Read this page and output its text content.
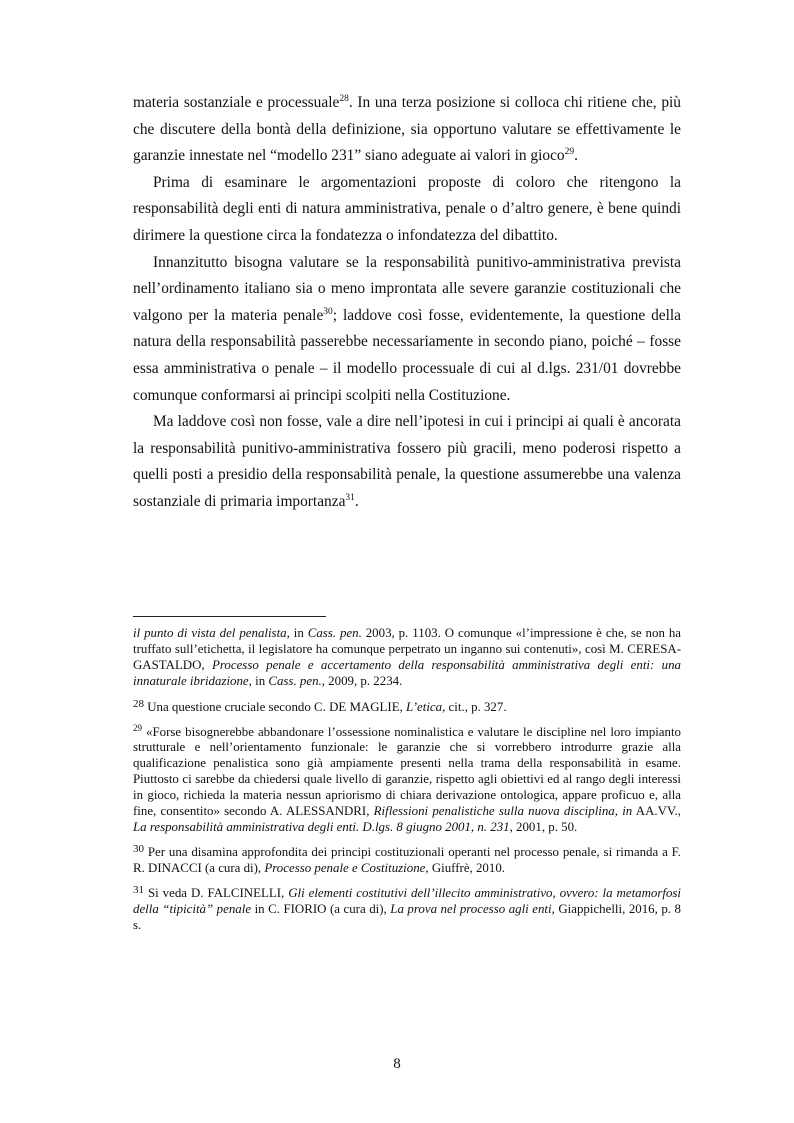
materia sostanziale e processuale$^{28}$. In una terza posizione si colloca chi ritiene che, più che discutere della bontà della definizione, sia opportuno valutare se effettivamente le garanzie innestate nel “modello 231” siano adeguate ai valori in gioco$^{29}$.

Prima di esaminare le argomentazioni proposte di coloro che ritengono la responsabilità degli enti di natura amministrativa, penale o d’altro genere, è bene quindi dirimere la questione circa la fondatezza o infondatezza del dibattito.

Innanzitutto bisogna valutare se la responsabilità punitivo-amministrativa prevista nell’ordinamento italiano sia o meno improntata alle severe garanzie costituzionali che valgono per la materia penale$^{30}$; laddove così fosse, evidentemente, la questione della natura della responsabilità passerebbe necessariamente in secondo piano, poiché – fosse essa amministrativa o penale – il modello processuale di cui al d.lgs. 231/01 dovrebbe comunque conformarsi ai principi scolpiti nella Costituzione.

Ma laddove così non fosse, vale a dire nell’ipotesi in cui i principi ai quali è ancorata la responsabilità punitivo-amministrativa fossero più gracili, meno poderosi rispetto a quelli posti a presidio della responsabilità penale, la questione assumerebbe una valenza sostanziale di primaria importanza$^{31}$.

il punto di vista del penalista, in Cass. pen. 2003, p. 1103. O comunque «l’impressione è che, se non ha truffato sull’etichetta, il legislatore ha comunque perpetrato un inganno sui contenuti», così M. CERESA-GASTALDO, Processo penale e accertamento della responsabilità amministrativa degli enti: una innaturale ibridazione, in Cass. pen., 2009, p. 2234.

28 Una questione cruciale secondo C. DE MAGLIE, L’etica, cit., p. 327.

$^{29}$ «Forse bisognerebbe abbandonare l’ossessione nominalistica e valutare le discipline nel loro impianto strutturale e nell’orientamento funzionale: le garanzie che si vorrebbero introdurre grazie alla qualificazione penalistica sono già ampiamente presenti nella trama della responsabilità in esame. Piuttosto ci sarebbe da chiedersi quale livello di garanzie, rispetto agli obiettivi ed al rango degli interessi in gioco, richieda la materia nessun apriorismo di chiara derivazione ontologica, appare proficuo e, alla fine, consentito» secondo A. ALESSANDRI, Riflessioni penalistiche sulla nuova disciplina, in AA.VV., La responsabilità amministrativa degli enti. D.lgs. 8 giugno 2001, n. 231, 2001, p. 50.

30 Per una disamina approfondita dei principi costituzionali operanti nel processo penale, si rimanda a F. R. DINACCI (a cura di), Processo penale e Costituzione, Giuffrè, 2010.

31 Si veda D. FALCINELLI, Gli elementi costitutivi dell’illecito amministrativo, ovvero: la metamorfosi della “tipicità” penale in C. FIORIO (a cura di), La prova nel processo agli enti, Giappichelli, 2016, p. 8 s.

8
